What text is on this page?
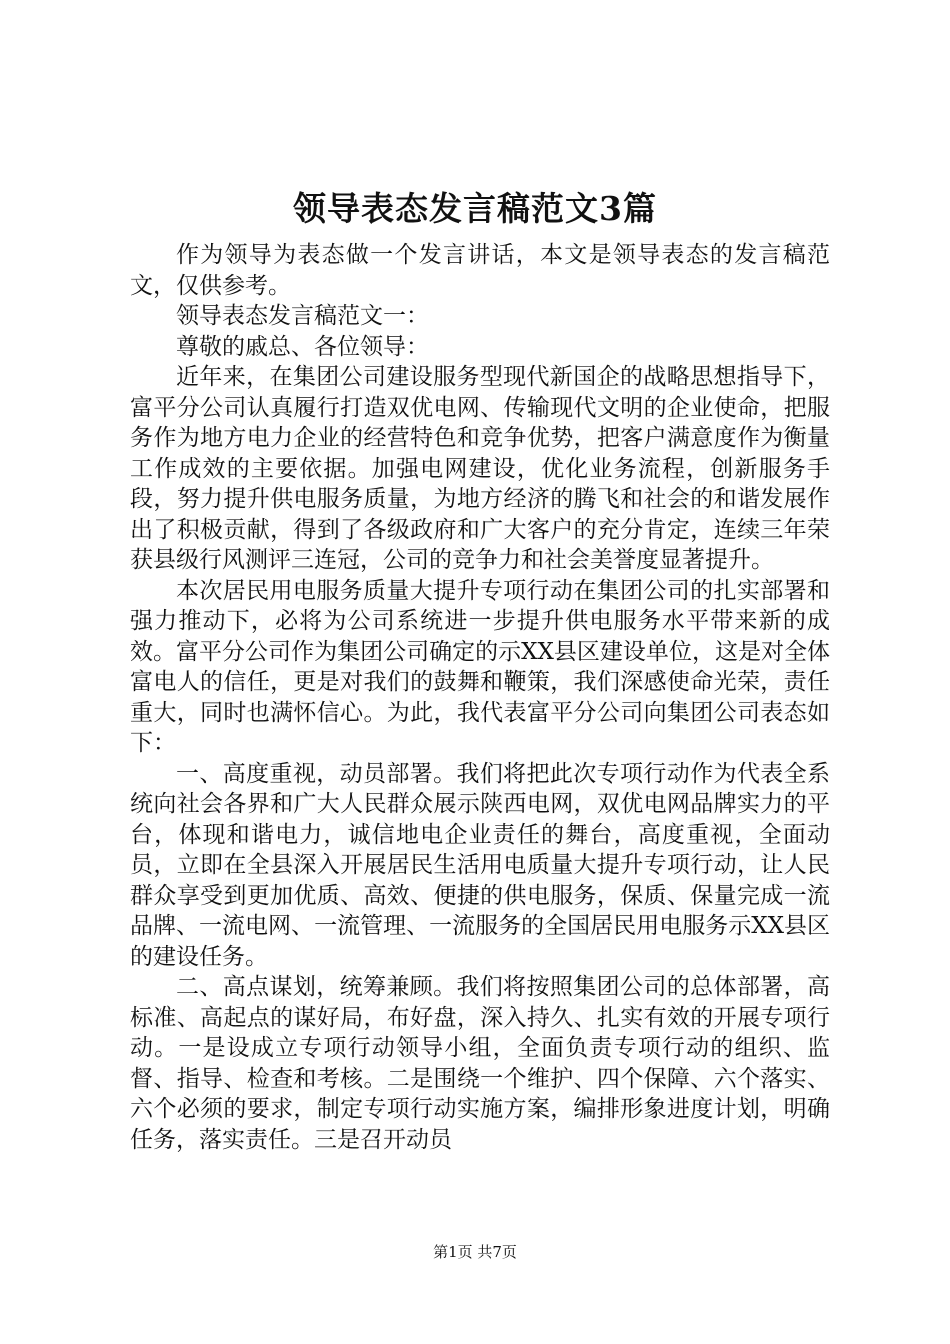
领导表态发言稿范文3篇

作为领导为表态做一个发言讲话，本文是领导表态的发言稿范文，仅供参考。

领导表态发言稿范文一：

尊敬的戚总、各位领导：

近年来，在集团公司建设服务型现代新国企的战略思想指导下，富平分公司认真履行打造双优电网、传输现代文明的企业使命，把服务作为地方电力企业的经营特色和竞争优势，把客户满意度作为衡量工作成效的主要依据。加强电网建设，优化业务流程，创新服务手段，努力提升供电服务质量，为地方经济的腾飞和社会的和谐发展作出了积极贡献，得到了各级政府和广大客户的充分肯定，连续三年荣获县级行风测评三连冠，公司的竞争力和社会美誉度显著提升。

本次居民用电服务质量大提升专项行动在集团公司的扎实部署和强力推动下，必将为公司系统进一步提升供电服务水平带来新的成效。富平分公司作为集团公司确定的示XX县区建设单位，这是对全体富电人的信任，更是对我们的鼓舞和鞭策，我们深感使命光荣，责任重大，同时也满怀信心。为此，我代表富平分公司向集团公司表态如下：

一、高度重视，动员部署。我们将把此次专项行动作为代表全系统向社会各界和广大人民群众展示陕西电网，双优电网品牌实力的平台，体现和谐电力，诚信地电企业责任的舞台，高度重视，全面动员，立即在全县深入开展居民生活用电质量大提升专项行动，让人民群众享受到更加优质、高效、便捷的供电服务，保质、保量完成一流品牌、一流电网、一流管理、一流服务的全国居民用电服务示XX县区的建设任务。

二、高点谋划，统筹兼顾。我们将按照集团公司的总体部署，高标准、高起点的谋好局，布好盘，深入持久、扎实有效的开展专项行动。一是设成立专项行动领导小组，全面负责专项行动的组织、监督、指导、检查和考核。二是围绕一个维护、四个保障、六个落实、六个必须的要求，制定专项行动实施方案，编排形象进度计划，明确任务，落实责任。三是召开动员

第1页 共7页
